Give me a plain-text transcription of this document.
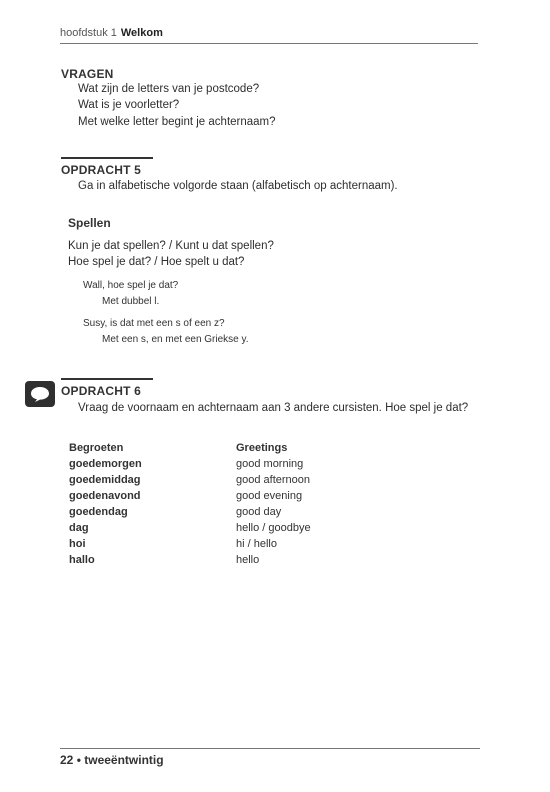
hoofdstuk 1 Welkom
VRAGEN
Wat zijn de letters van je postcode?
Wat is je voorletter?
Met welke letter begint je achternaam?
OPDRACHT 5
Ga in alfabetische volgorde staan (alfabetisch op achternaam).
Spellen
Kun je dat spellen? / Kunt u dat spellen?
Hoe spel je dat? / Hoe spelt u dat?
Wall, hoe spel je dat?
Met dubbel l.
Susy, is dat met een s of een z?
Met een s, en met een Griekse y.
OPDRACHT 6
Vraag de voornaam en achternaam aan 3 andere cursisten. Hoe spel je dat?
Begroeten	Greetings
goedemorgen	good morning
goedemiddag	good afternoon
goedenavond	good evening
goedendag	good day
dag	hello / goodbye
hoi	hi / hello
hallo	hello
22 • tweeëntwintig
